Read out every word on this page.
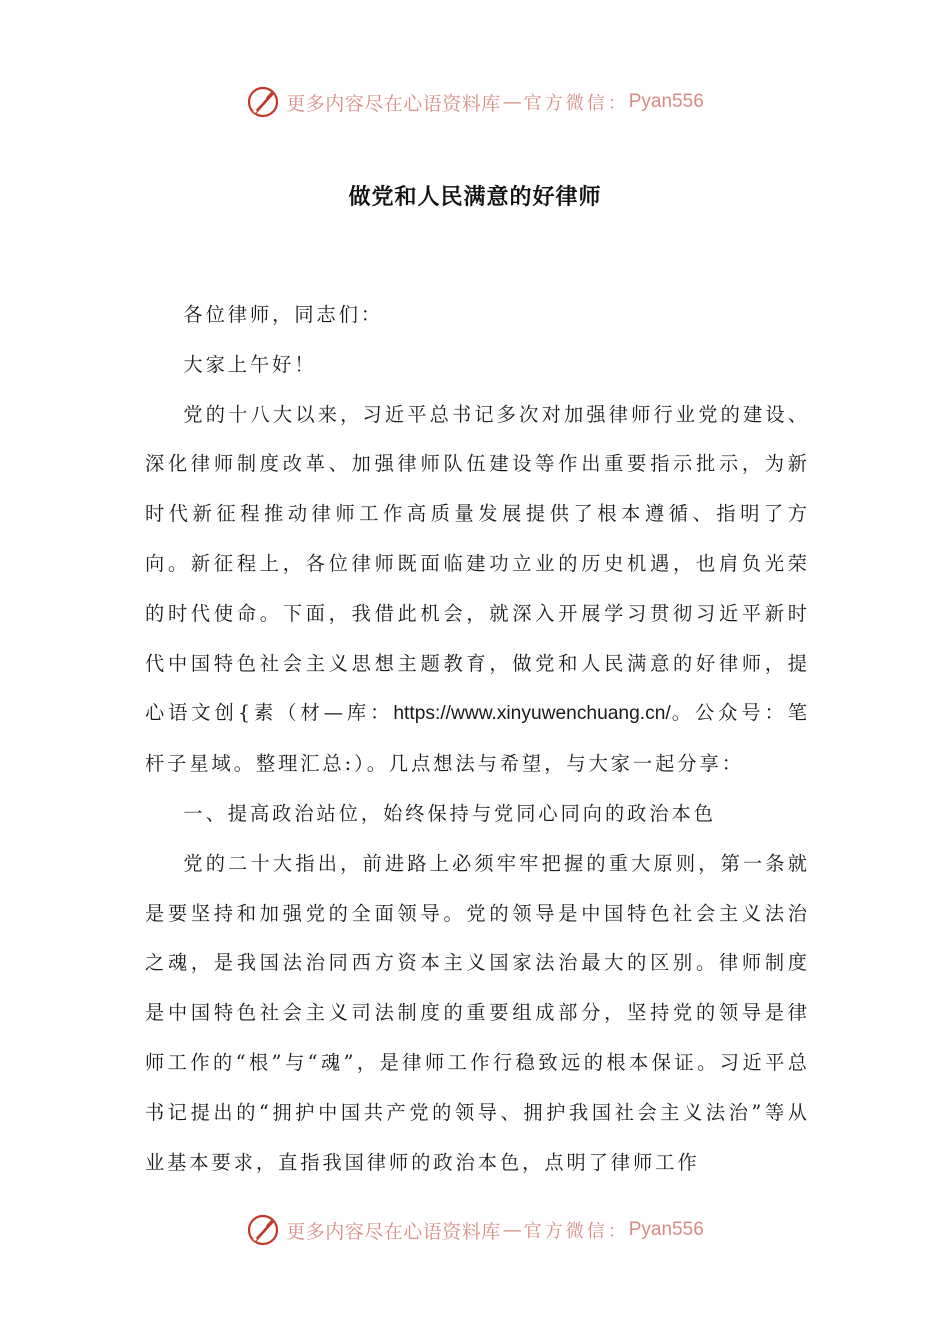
更多内容尽在心语资料库 — 官方微信： Pyan556
做党和人民满意的好律师

各位律师，同志们：

大家上午好！

党的十八大以来，习近平总书记多次对加强律师行业党的建设、深化律师制度改革、加强律师队伍建设等作出重要指示批示，为新时代新征程推动律师工作高质量发展提供了根本遵循、指明了方向。新征程上，各位律师既面临建功立业的历史机遇，也肩负光荣的时代使命。下面，我借此机会，就深入开展学习贯彻习近平新时代中国特色社会主义思想主题教育，做党和人民满意的好律师，提心语文创{素（材—库：https://www.xinyuwenchuang.cn/。公众号：笔杆子星域。整理汇总:）。几点想法与希望，与大家一起分享：

一、提高政治站位，始终保持与党同心同向的政治本色

党的二十大指出，前进路上必须牢牢把握的重大原则，第一条就是要坚持和加强党的全面领导。党的领导是中国特色社会主义法治之魂，是我国法治同西方资本主义国家法治最大的区别。律师制度是中国特色社会主义司法制度的重要组成部分，坚持党的领导是律师工作的“根”与“魂”，是律师工作行稳致远的根本保证。习近平总书记提出的“拥护中国共产党的领导、拥护我国社会主义法治”等从业基本要求，直指我国律师的政治本色，点明了律师工作

更多内容尽在心语资料库 — 官方微信： Pyan556
